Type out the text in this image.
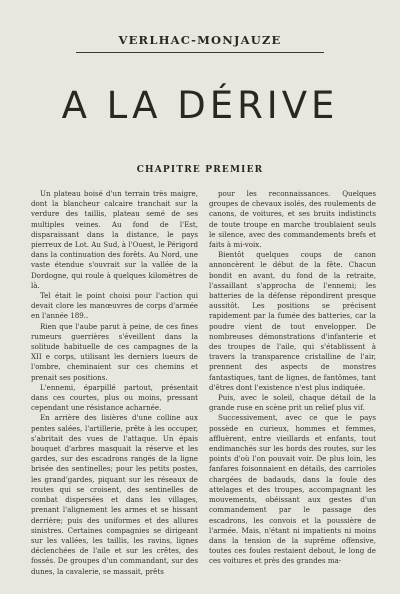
VERLHAC-MONJAUZE
A LA DÉRIVE
CHAPITRE PREMIER

Un plateau boisé d'un terrain très maigre, dont la blancheur calcaire tranchait sur la verdure des taillis, plateau semé de ses multiples veines. Au fond de l'Est, disparaissant dans la distance, le pays pierreux de Lot. Au Sud, à l'Ouest, le Périgord dans la continuation des forêts. Au Nord, une vaste étendue s'ouvrait sur la vallée de la Dordogne, qui roule à quelques kilomètres de là.

Tel était le point choisi pour l'action qui devait clore les manœuvres de corps d'armée en l'année 189..

Rien que l'aube parut à peine, de ces fines rumeurs guerrières s'éveillent dans la solitude habituelle de ces campagnes de la XII e corps, utilisant les derniers lueurs de l'ombre, cheminaient sur ces chemins et prenait ses positions.

L'ennemi, éparpillé partout, présentait dans ces courtes, plus ou moins, pressant cependant une résistance acharnée.

En arrière des lisières d'une colline aux pentes salées, l'artillerie, prête à les occuper, s'abritait des vues de l'attaque. Un épais bouquet d'arbres masquait la réserve et les gardes, sur des escadrons rangés de la ligne brisée des sentinelles; pour les petits postes, les grand'gardes, piquant sur les réseaux de routes qui se croisent, des sentinelles de combat dispersées et dans les villages, prenant l'alignement les armes et se hissant derrière; puis des uniformes et des allures sinistres. Certaines compagnies se dirigeant sur les vallées, les taillis, les ravins, lignes déclenchées de l'aile et sur les crêtes, des fossés. De groupes d'un commandant, sur des dunes, la cavalerie, se massait, prêts

pour les reconnaissances. Quelques groupes de chevaux isolés, des roulements de canons, de voitures, et ses bruits indistincts de toute troupe en marche troublaient seuls le silence, avec des commandements brefs et faits à mi-voix.

Bientôt quelques coups de canon annoncèrent le début de la fête. Chacun bondit en avant, du fond de la retraite, l'assaillant s'approcha de l'ennemi; les batteries de la défense répondirent presque aussitôt. Les positions se précisent rapidement par la fumée des batteries, car la poudre vient de tout envelopper. De nombreuses démonstrations d'infanterie et des troupes de l'aile, qui s'établissent à travers la transparence cristalline de l'air, prennent des aspects de monstres fantastiques, tant de lignes, de fantômes, tant d'êtres dont l'existence n'est plus indiquée.

Puis, avec le soleil, chaque détail de la grande ruse en scène prit un relief plus vif.

Successivement, avec ce que le pays possède en curieux, hommes et femmes, affluèrent, entre vieillards et enfants, tout endimanchés sur les bords des routes, sur les points d'où l'on pouvait voir. De plus loin, les fanfares foisonnaient en détails, des carrioles chargées de badauds, dans la foule des attelages et des troupes, accompagnant les mouvements, obéissant aux gestes d'un commandement par le passage des escadrons, les convois et la poussière de l'armée. Mais, n'étant ni impatients ni moins dans la tension de la suprême offensive, toutes ces foules restaient debout, le long de ces voitures et près des grandes ma-
